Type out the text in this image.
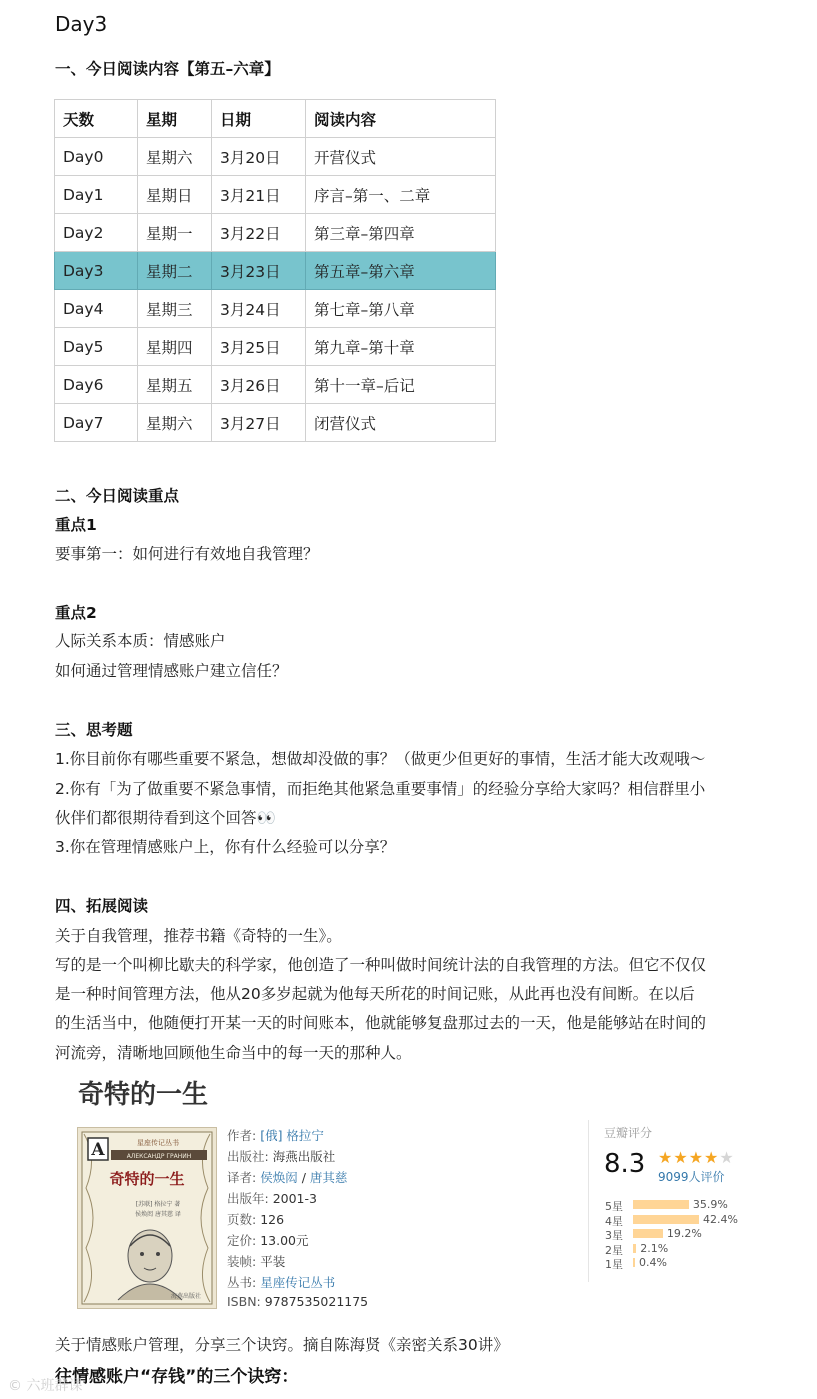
Day3
一、今日阅读内容【第五–六章】
天数	星期	日期	阅读内容
Day0	星期六	3月20日	开营仪式
Day1	星期日	3月21日	序言–第一、二章
Day2	星期一	3月22日	第三章–第四章
Day3	星期二	3月23日	第五章–第六章
Day4	星期三	3月24日	第七章–第八章
Day5	星期四	3月25日	第九章–第十章
Day6	星期五	3月26日	第十一章–后记
Day7	星期六	3月27日	闭营仪式
二、今日阅读重点
重点1
要事第一：如何进行有效地自我管理？
重点2
人际关系本质：情感账户
如何通过管理情感账户建立信任？
三、思考题
1.你目前你有哪些重要不紧急，想做却没做的事？（做更少但更好的事情，生活才能大改观哦～
2.你有「为了做重要不紧急事情，而拒绝其他紧急重要事情」的经验分享给大家吗？相信群里小
伙伴们都很期待看到这个回答👀
3.你在管理情感账户上，你有什么经验可以分享？
四、拓展阅读
关于自我管理，推荐书籍《奇特的一生》。
写的是一个叫柳比歇夫的科学家，他创造了一种叫做时间统计法的自我管理的方法。但它不仅仅
是一种时间管理方法，他从20多岁起就为他每天所花的时间记账，从此再也没有间断。在以后
的生活当中，他随便打开某一天的时间账本，他就能够复盘那过去的一天，他是能够站在时间的
河流旁，清晰地回顾他生命当中的每一天的那种人。
奇特的一生
A	星座传记丛书
АЛЕКСАНДР ГРАНИН
奇特的一生
[苏联] 格拉宁 著
侯焕闳 唐其慈 译
海燕出版社
作者: [俄] 格拉宁
出版社: 海燕出版社
译者: 侯焕闳 / 唐其慈
出版年: 2001-3
页数: 126
定价: 13.00元
装帧: 平装
丛书: 星座传记丛书
ISBN: 9787535021175
豆瓣评分
8.3 ★★★★★
9099人评价
5星	35.9%
4星	42.4%
3星	19.2%
2星	2.1%
1星	0.4%
关于情感账户管理，分享三个诀窍。摘自陈海贤《亲密关系30讲》
往情感账户“存钱”的三个诀窍：
© 六班群课
